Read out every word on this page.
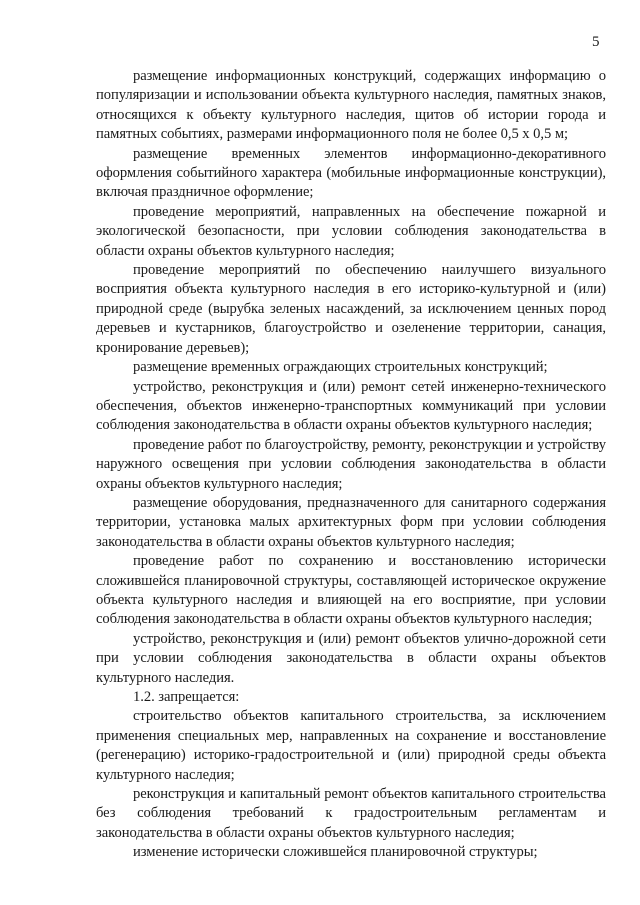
5

размещение информационных конструкций, содержащих информацию о популяризации и использовании объекта культурного наследия, памятных знаков, относящихся к объекту культурного наследия, щитов об истории города и памятных событиях, размерами информационного поля не более 0,5 х 0,5 м;

размещение временных элементов информационно-декоративного оформления событийного характера (мобильные информационные конструкции), включая праздничное оформление;

проведение мероприятий, направленных на обеспечение пожарной и экологической безопасности, при условии соблюдения законодательства в области охраны объектов культурного наследия;

проведение мероприятий по обеспечению наилучшего визуального восприятия объекта культурного наследия в его историко-культурной и (или) природной среде (вырубка зеленых насаждений, за исключением ценных пород деревьев и кустарников, благоустройство и озеленение территории, санация, кронирование деревьев);

размещение временных ограждающих строительных конструкций;

устройство, реконструкция и (или) ремонт сетей инженерно-технического обеспечения, объектов инженерно-транспортных коммуникаций при условии соблюдения законодательства в области охраны объектов культурного наследия;

проведение работ по благоустройству, ремонту, реконструкции и устройству наружного освещения при условии соблюдения законодательства в области охраны объектов культурного наследия;

размещение оборудования, предназначенного для санитарного содержания территории, установка малых архитектурных форм при условии соблюдения законодательства в области охраны объектов культурного наследия;

проведение работ по сохранению и восстановлению исторически сложившейся планировочной структуры, составляющей историческое окружение объекта культурного наследия и влияющей на его восприятие, при условии соблюдения законодательства в области охраны объектов культурного наследия;

устройство, реконструкция и (или) ремонт объектов улично-дорожной сети при условии соблюдения законодательства в области охраны объектов культурного наследия.

1.2. запрещается:

строительство объектов капитального строительства, за исключением применения специальных мер, направленных на сохранение и восстановление (регенерацию) историко-градостроительной и (или) природной среды объекта культурного наследия;

реконструкция и капитальный ремонт объектов капитального строительства без соблюдения требований к градостроительным регламентам и законодательства в области охраны объектов культурного наследия;

изменение исторически сложившейся планировочной структуры;
